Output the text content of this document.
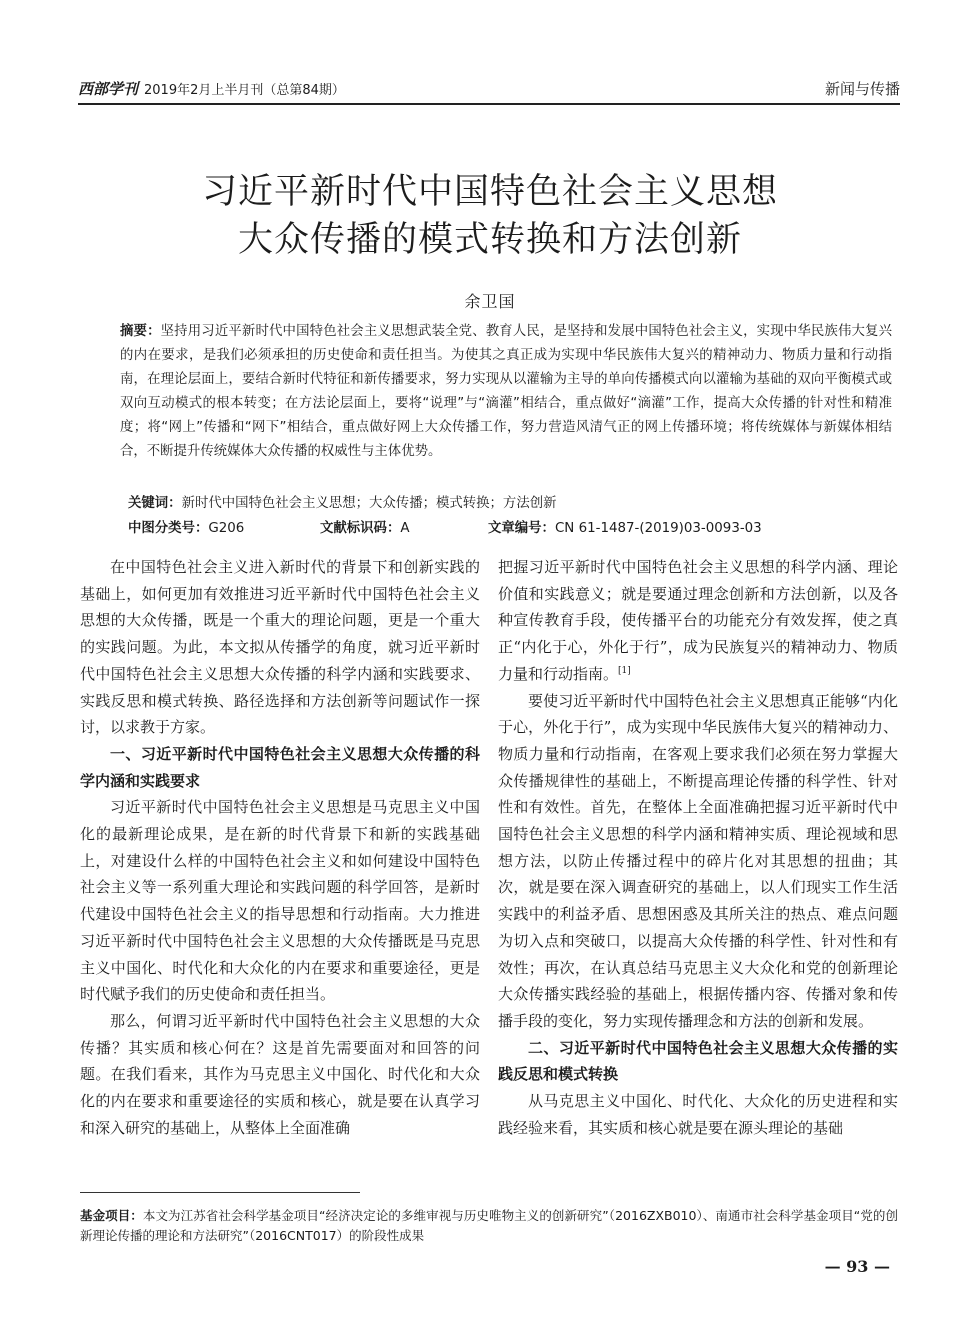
西部学刊 2019年2月上半月刊（总第84期）	新闻与传播
习近平新时代中国特色社会主义思想
大众传播的模式转换和方法创新
余卫国
摘要：坚持用习近平新时代中国特色社会主义思想武装全党、教育人民，是坚持和发展中国特色社会主义，实现中华民族伟大复兴的内在要求，是我们必须承担的历史使命和责任担当。为使其之真正成为实现中华民族伟大复兴的精神动力、物质力量和行动指南，在理论层面上，要结合新时代特征和新传播要求，努力实现从以灌输为主导的单向传播模式向以灌输为基础的双向平衡模式或双向互动模式的根本转变；在方法论层面上，要将“说理”与“滴灌”相结合，重点做好“滴灌”工作，提高大众传播的针对性和精准度；将“网上”传播和“网下”相结合，重点做好网上大众传播工作，努力营造风清气正的网上传播环境；将传统媒体与新媒体相结合，不断提升传统媒体大众传播的权威性与主体优势。
关键词：新时代中国特色社会主义思想；大众传播；模式转换；方法创新
中图分类号：G206	文献标识码：A	文章编号：CN 61-1487-(2019)03-0093-03

在中国特色社会主义进入新时代的背景下和创新实践的基础上，如何更加有效推进习近平新时代中国特色社会主义思想的大众传播，既是一个重大的理论问题，更是一个重大的实践问题。为此，本文拟从传播学的角度，就习近平新时代中国特色社会主义思想大众传播的科学内涵和实践要求、实践反思和模式转换、路径选择和方法创新等问题试作一探讨，以求教于方家。

一、习近平新时代中国特色社会主义思想大众传播的科学内涵和实践要求

习近平新时代中国特色社会主义思想是马克思主义中国化的最新理论成果，是在新的时代背景下和新的实践基础上，对建设什么样的中国特色社会主义和如何建设中国特色社会主义等一系列重大理论和实践问题的科学回答，是新时代建设中国特色社会主义的指导思想和行动指南。大力推进习近平新时代中国特色社会主义思想的大众传播既是马克思主义中国化、时代化和大众化的内在要求和重要途径，更是时代赋予我们的历史使命和责任担当。

那么，何谓习近平新时代中国特色社会主义思想的大众传播？其实质和核心何在？这是首先需要面对和回答的问题。在我们看来，其作为马克思主义中国化、时代化和大众化的内在要求和重要途径的实质和核心，就是要在认真学习和深入研究的基础上，从整体上全面准确

把握习近平新时代中国特色社会主义思想的科学内涵、理论价值和实践意义；就是要通过理念创新和方法创新，以及各种宣传教育手段，使传播平台的功能充分有效发挥，使之真正“内化于心，外化于行”，成为民族复兴的精神动力、物质力量和行动指南。[1]

要使习近平新时代中国特色社会主义思想真正能够“内化于心，外化于行”，成为实现中华民族伟大复兴的精神动力、物质力量和行动指南，在客观上要求我们必须在努力掌握大众传播规律性的基础上，不断提高理论传播的科学性、针对性和有效性。首先，在整体上全面准确把握习近平新时代中国特色社会主义思想的科学内涵和精神实质、理论视域和思想方法，以防止传播过程中的碎片化对其思想的扭曲；其次，就是要在深入调查研究的基础上，以人们现实工作生活实践中的利益矛盾、思想困惑及其所关注的热点、难点问题为切入点和突破口，以提高大众传播的科学性、针对性和有效性；再次，在认真总结马克思主义大众化和党的创新理论大众传播实践经验的基础上，根据传播内容、传播对象和传播手段的变化，努力实现传播理念和方法的创新和发展。

二、习近平新时代中国特色社会主义思想大众传播的实践反思和模式转换

从马克思主义中国化、时代化、大众化的历史进程和实践经验来看，其实质和核心就是要在源头理论的基础

基金项目：本文为江苏省社会科学基金项目“经济决定论的多维审视与历史唯物主义的创新研究”（2016ZXB010）、南通市社会科学基金项目“党的创新理论传播的理论和方法研究”（2016CNT017）的阶段性成果
— 93 —
